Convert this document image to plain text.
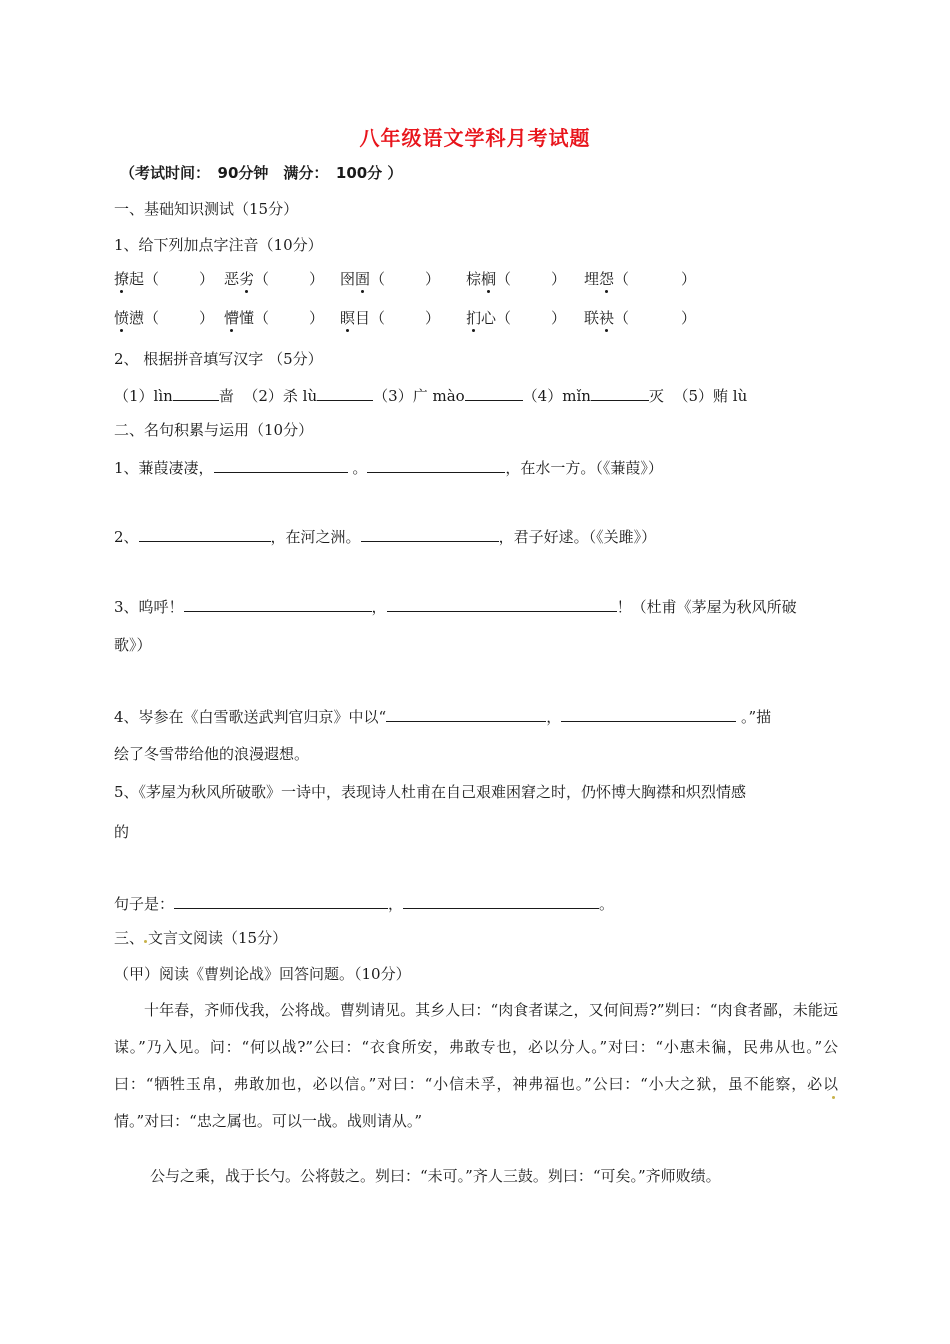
八年级语文学科月考试题
（考试时间：　90分钟　满分：　100分 ）
一、基础知识测试（15分）
1、给下列加点字注音（10分）
撩起（	） 恶劣（	） 囹圄（	） 棕榈（	） 埋怨（	）
愤懑（	） 懵懂（	） 瞑目（	） 扪心（	） 联袂（	）
2、 根据拼音填写汉字 （5分）
（1）lìn	啬 （2）杀 lù	（3）广 mào	（4）mǐn	灭 （5）贿 lù
二、名句积累与运用（10分）
1、蒹葭凄凄，	。	，在水一方。（《蒹葭》）
2、	，在河之洲。	，君子好逑。（《关雎》）
3、呜呼！	，	！（杜甫《茅屋为秋风所破
歌》）
4、岑参在《白雪歌送武判官归京》中以“	，	。”描
绘了冬雪带给他的浪漫遐想。
5、《茅屋为秋风所破歌》一诗中，表现诗人杜甫在自己艰难困窘之时，仍怀博大胸襟和炽烈情感
的
句子是：	，	。
三、 文言文阅读（15分）
（甲）阅读《曹刿论战》回答问题。（10分）
十年春，齐师伐我，公将战。曹刿请见。其乡人曰：“肉食者谋之，又何间焉?”刿曰：“肉食者鄙，未能远谋。”乃入见。问：“何以战?”公曰：“衣食所安，弗敢专也，必以分人。”对曰：“小惠未徧，民弗从也。”公曰：“牺牲玉帛，弗敢加也，必以信。”对曰：“小信未孚，神弗福也。”公曰：“小大之狱，虽不能察，必以情。”对曰：“忠之属也。可以一战。战则请从。”
公与之乘，战于长勺。公将鼓之。刿曰：“未可。”齐人三鼓。刿曰：“可矣。”齐师败绩。
